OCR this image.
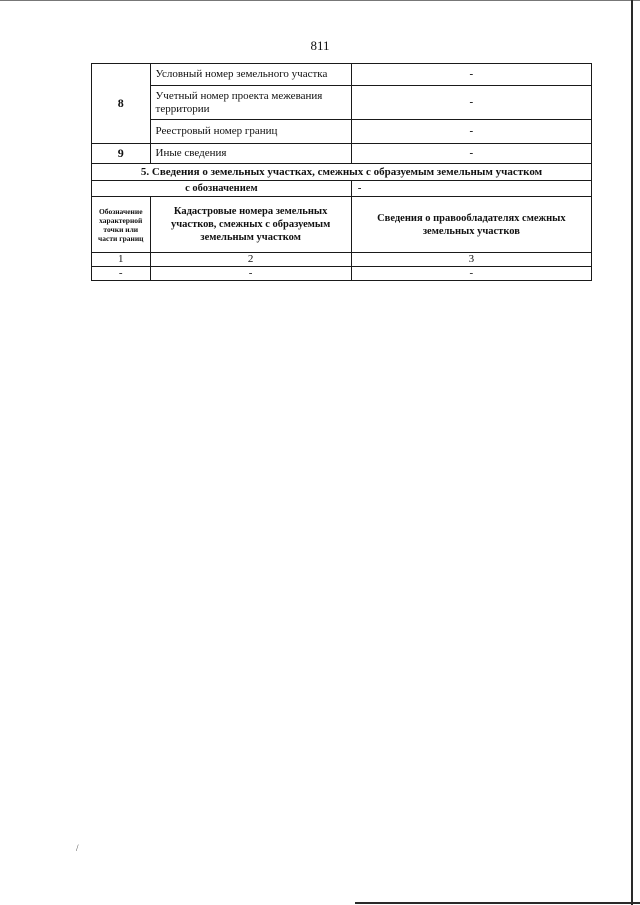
811
8	Условный номер земельного участка	-
	Учетный номер проекта межевания территории	-
	Реестровый номер границ	-
9	Иные сведения	-
5. Сведения о земельных участках, смежных с образуемым земельным участком		
с обозначением		-
Обозначение характерной точки или части границ	Кадастровые номера земельных участков, смежных с образуемым земельным участком	Сведения о правообладателях смежных земельных участков
1	2	3
-	-	-
/
